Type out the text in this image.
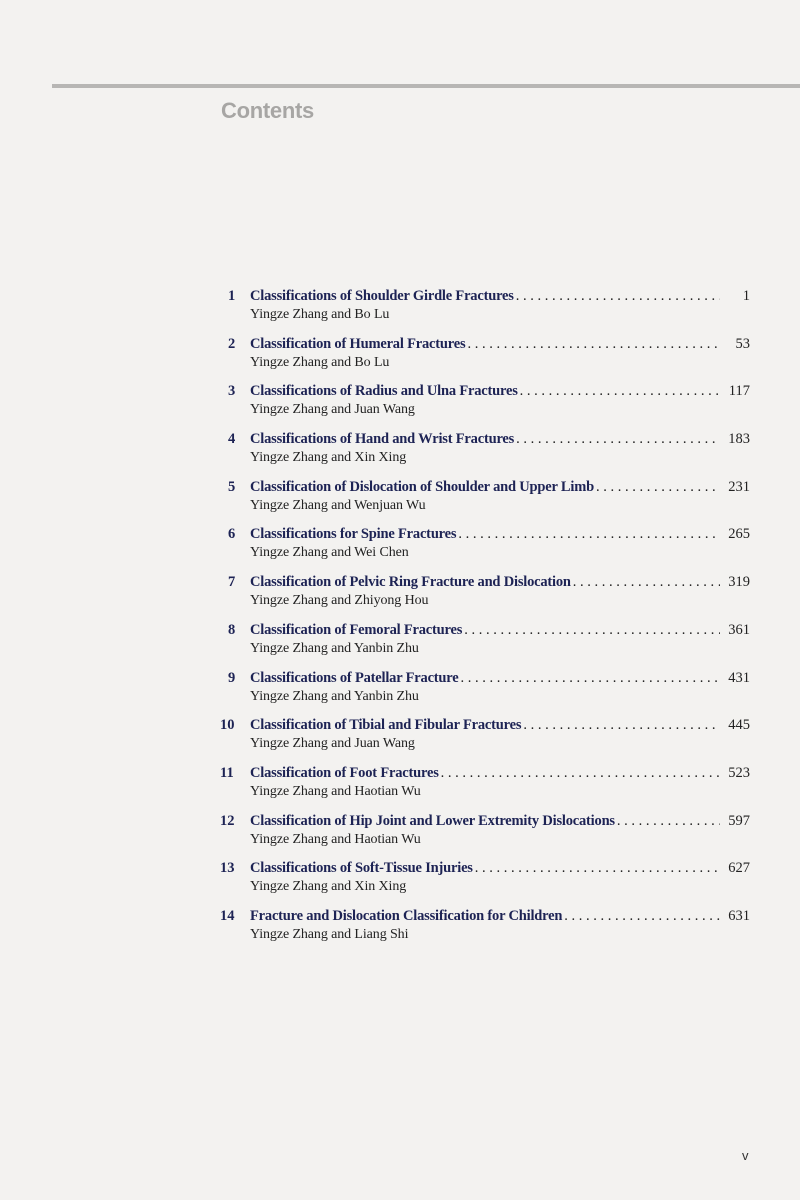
Contents
1	Classifications of Shoulder Girdle Fractures . . .	1
Yingze Zhang and Bo Lu
2	Classification of Humeral Fractures . . .	53
Yingze Zhang and Bo Lu
3	Classifications of Radius and Ulna Fractures . . .	117
Yingze Zhang and Juan Wang
4	Classifications of Hand and Wrist Fractures . . .	183
Yingze Zhang and Xin Xing
5	Classification of Dislocation of Shoulder and Upper Limb . . .	231
Yingze Zhang and Wenjuan Wu
6	Classifications for Spine Fractures . . .	265
Yingze Zhang and Wei Chen
7	Classification of Pelvic Ring Fracture and Dislocation . . .	319
Yingze Zhang and Zhiyong Hou
8	Classification of Femoral Fractures . . .	361
Yingze Zhang and Yanbin Zhu
9	Classifications of Patellar Fracture . . .	431
Yingze Zhang and Yanbin Zhu
10	Classification of Tibial and Fibular Fractures . . .	445
Yingze Zhang and Juan Wang
11	Classification of Foot Fractures . . .	523
Yingze Zhang and Haotian Wu
12	Classification of Hip Joint and Lower Extremity Dislocations . . .	597
Yingze Zhang and Haotian Wu
13	Classifications of Soft-Tissue Injuries . . .	627
Yingze Zhang and Xin Xing
14	Fracture and Dislocation Classification for Children . . .	631
Yingze Zhang and Liang Shi
v
